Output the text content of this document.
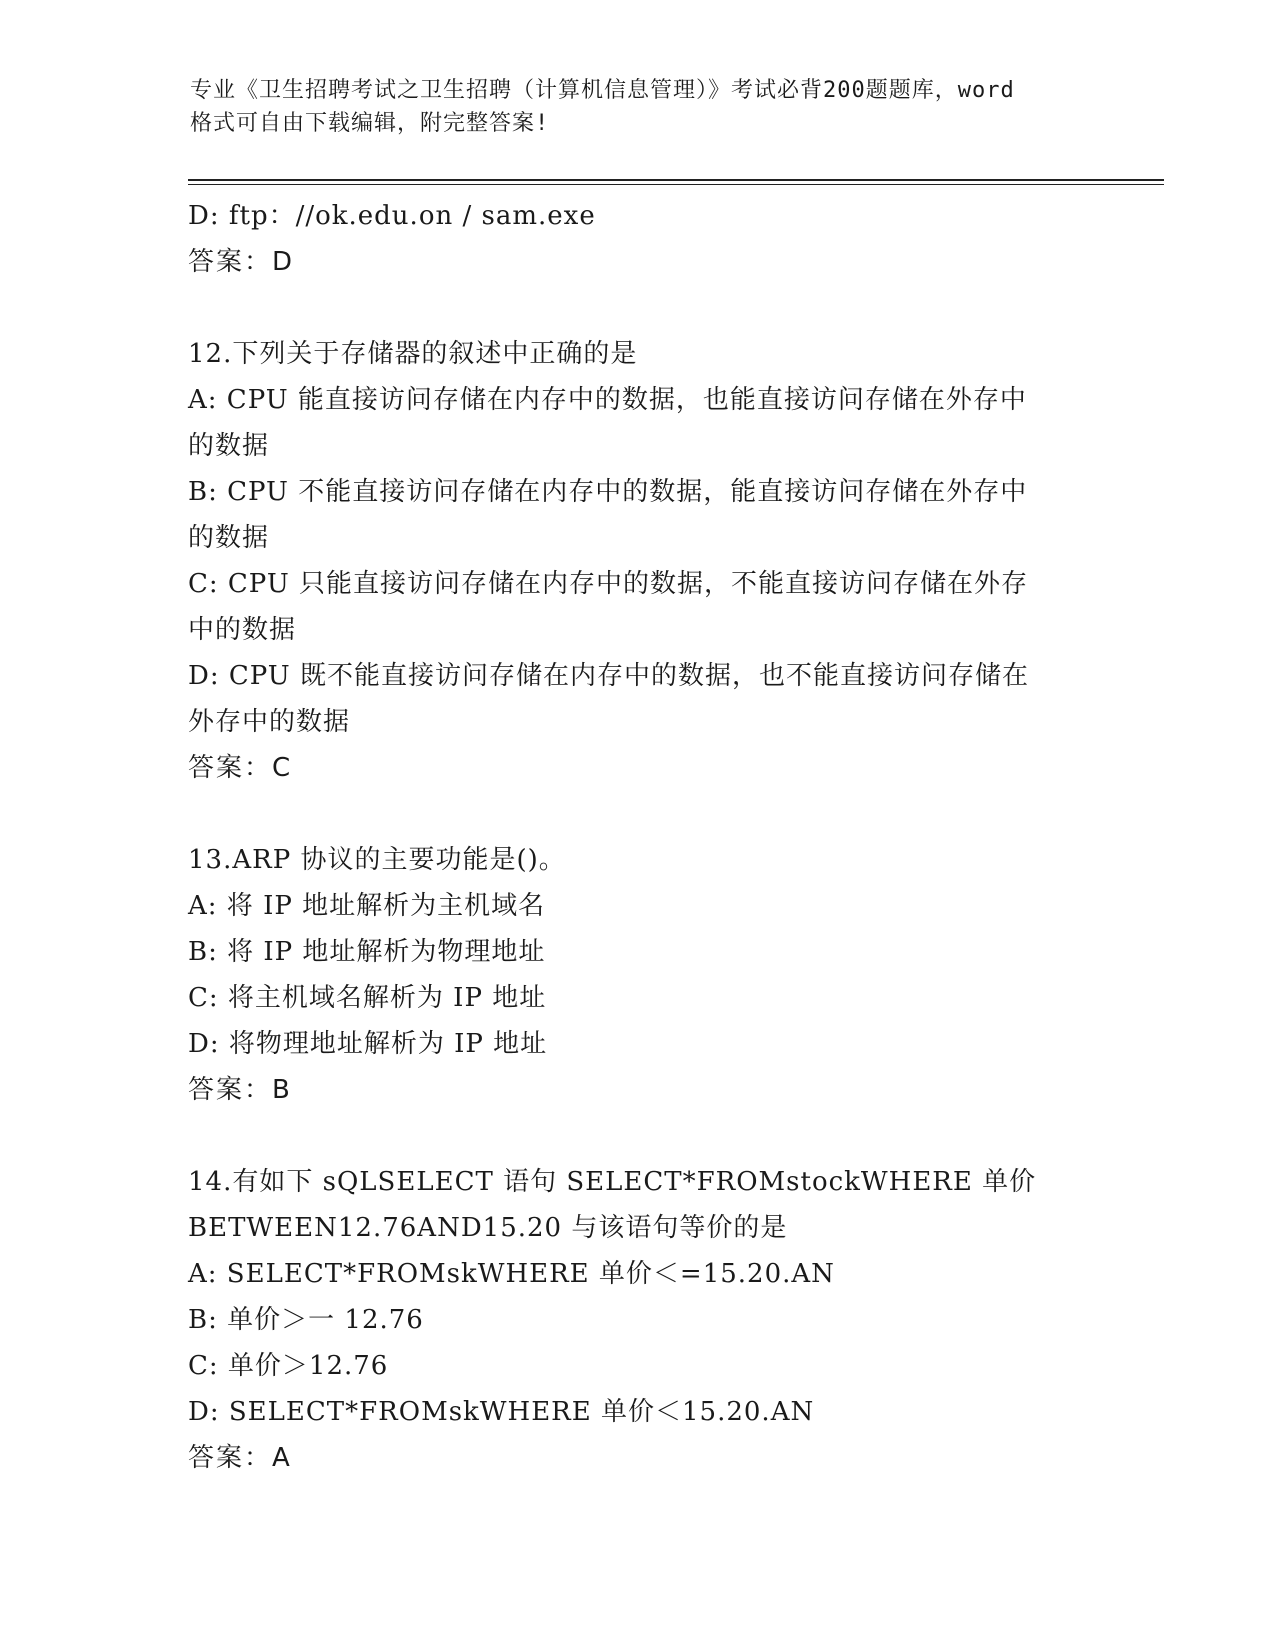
专业《卫生招聘考试之卫生招聘（计算机信息管理）》考试必背200题题库，word
格式可自由下载编辑，附完整答案!
D: ftp：//ok.edu.on / sam.exe
答案：D
12.下列关于存储器的叙述中正确的是
A: CPU 能直接访问存储在内存中的数据，也能直接访问存储在外存中
的数据
B: CPU 不能直接访问存储在内存中的数据，能直接访问存储在外存中
的数据
C: CPU 只能直接访问存储在内存中的数据，不能直接访问存储在外存
中的数据
D: CPU 既不能直接访问存储在内存中的数据，也不能直接访问存储在
外存中的数据
答案：C
13.ARP 协议的主要功能是()。
A: 将 IP 地址解析为主机域名
B: 将 IP 地址解析为物理地址
C: 将主机域名解析为 IP 地址
D: 将物理地址解析为 IP 地址
答案：B
14.有如下 sQLSELECT 语句 SELECT*FROMstockWHERE 单价
BETWEEN12.76AND15.20 与该语句等价的是
A: SELECT*FROMskWHERE 单价＜=15.20.AN
B: 单价＞一 12.76
C: 单价＞12.76
D: SELECT*FROMskWHERE 单价＜15.20.AN
答案：A
